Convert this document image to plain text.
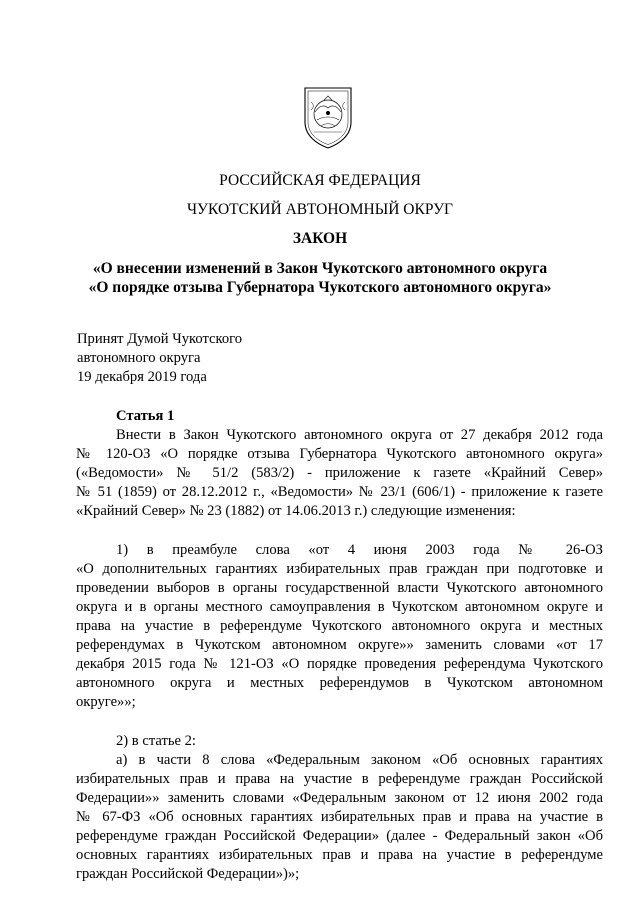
РОССИЙСКАЯ ФЕДЕРАЦИЯ
ЧУКОТСКИЙ АВТОНОМНЫЙ ОКРУГ
ЗАКОН
«О внесении изменений в Закон Чукотского автономного округа
«О порядке отзыва Губернатора Чукотского автономного округа»
Принят Думой Чукотского
автономного округа
19 декабря 2019 года
Статья 1
Внести в Закон Чукотского автономного округа от 27 декабря 2012 года
№ 120-ОЗ «О порядке отзыва Губернатора Чукотского автономного округа»
(«Ведомости» № 51/2 (583/2) - приложение к газете «Крайний Север»
№ 51 (1859) от 28.12.2012 г., «Ведомости» № 23/1 (606/1) - приложение к газете
«Крайний Север» № 23 (1882) от 14.06.2013 г.) следующие изменения:
1) в преамбуле слова «от 4 июня 2003 года № 26-ОЗ
«О дополнительных гарантиях избирательных прав граждан при подготовке и
проведении выборов в органы государственной власти Чукотского автономного
округа и в органы местного самоуправления в Чукотском автономном округе и
права на участие в референдуме Чукотского автономного округа и местных
референдумах в Чукотском автономном округе»» заменить словами «от 17
декабря 2015 года № 121-ОЗ «О порядке проведения референдума Чукотского
автономного округа и местных референдумов в Чукотском автономном
округе»»;
2) в статье 2:
а) в части 8 слова «Федеральным законом «Об основных гарантиях
избирательных прав и права на участие в референдуме граждан Российской
Федерации»» заменить словами «Федеральным законом от 12 июня 2002 года
№ 67-ФЗ «Об основных гарантиях избирательных прав и права на участие в
референдуме граждан Российской Федерации» (далее - Федеральный закон «Об
основных гарантиях избирательных прав и права на участие в референдуме
граждан Российской Федерации»)»;
